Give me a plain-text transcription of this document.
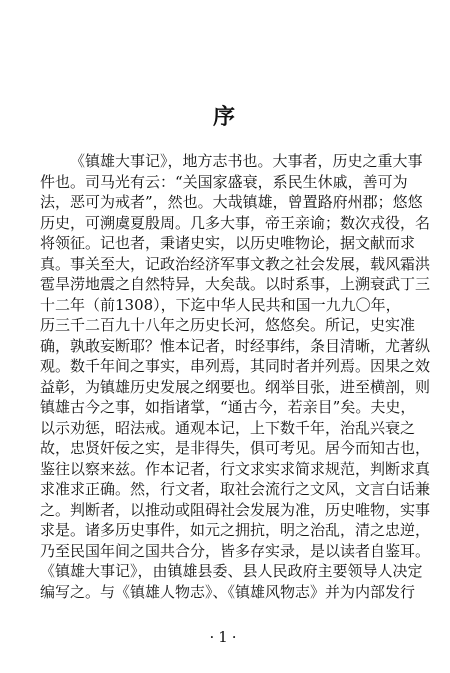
序
《镇雄大事记》，地方志书也。大事者，历史之重大事
件也。司马光有云：“关国家盛衰，系民生休戚，善可为
法，恶可为戒者”，然也。大哉镇雄，曾置路府州郡；悠悠
历史，可溯虞夏殷周。几多大事，帝王亲谕；数次戎役，名
将领征。记也者，秉诸史实，以历史唯物论，据文献而求
真。事关至大，记政治经济军事文教之社会发展，载风霜洪
雹旱涝地震之自然特异，大矣哉。以时系事，上溯衰武丁三
十二年（前1308），下迄中华人民共和国一九九〇年，
历三千二百九十八年之历史长河，悠悠矣。所记，史实准
确，孰敢妄断耶？惟本记者，时经事纬，条目清晰，尤著纵
观。数千年间之事实，串列焉，其同时者并列焉。因果之效
益彰，为镇雄历史发展之纲要也。纲举目张，进至横剖，则
镇雄古今之事，如指诸掌，“通古今，若亲目”矣。夫史，
以示劝惩，昭法戒。通观本记，上下数千年，治乱兴衰之
故，忠贤奸佞之实，是非得失，俱可考见。居今而知古也，
鉴往以察来兹。作本记者，行文求实求简求规范，判断求真
求准求正确。然，行文者，取社会流行之文风，文言白话兼
之。判断者，以推动或阻碍社会发展为准，历史唯物，实事
求是。诸多历史事件，如元之拥抗，明之治乱，清之忠逆，
乃至民国年间之国共合分，皆多存实录，是以读者自鉴耳。
《镇雄大事记》，由镇雄县委、县人民政府主要领导人决定
编写之。与《镇雄人物志》、《镇雄风物志》并为内部发行
·1·
